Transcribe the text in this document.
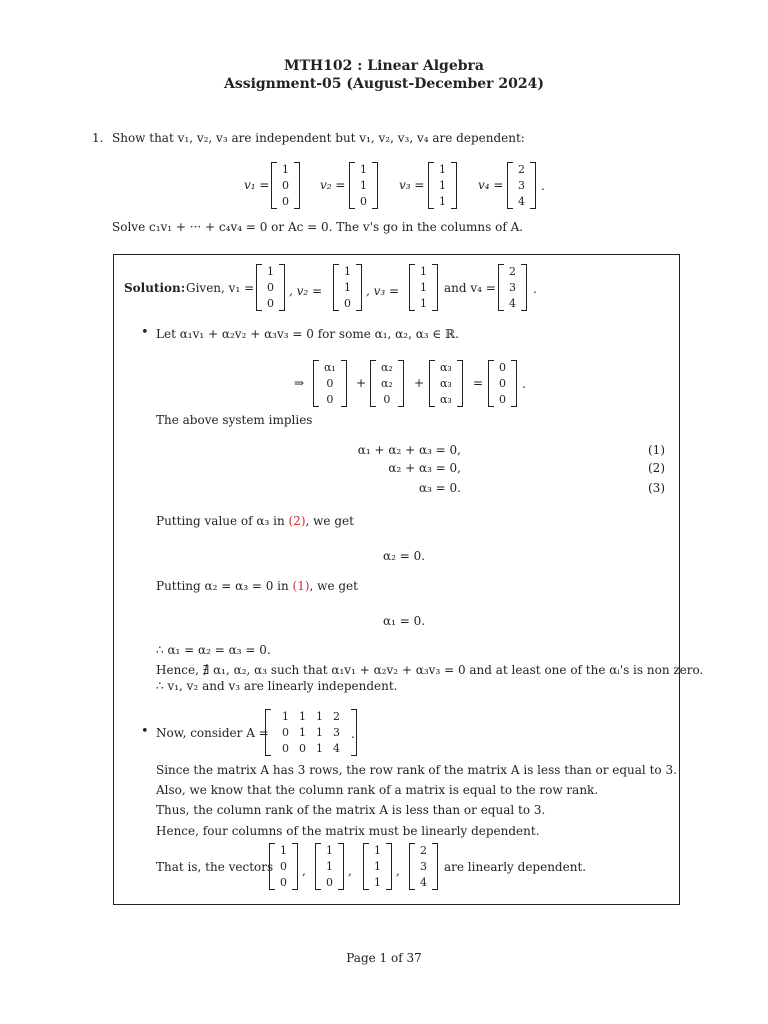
MTH102 : Linear Algebra
Assignment-05 (August-December 2024)
1. Show that v₁, v₂, v₃ are independent but v₁, v₂, v₃, v₄ are dependent:
v₁ =
1
0
0
v₂ =
1
1
0
v₃ =
1
1
1
v₄ =
2
3
4
.
Solve c₁v₁ + ··· + c₄v₄ = 0 or Ac = 0. The v's go in the columns of A.
Solution: Given, v₁ =
1
0
0
, v₂ =
1
1
0
, v₃ =
1
1
1
and v₄ =
2
3
4
.
• Let α₁v₁ + α₂v₂ + α₃v₃ = 0 for some α₁, α₂, α₃ ∈ ℝ.
⇒
α₁
0
0
+
α₂
α₂
0
+
α₃
α₃
α₃
=
0
0
0
.
The above system implies
α₁ + α₂ + α₃ = 0,	(1)
α₂ + α₃ = 0,	(2)
α₃ = 0.	(3)
Putting value of α₃ in (2), we get
α₂ = 0.
Putting α₂ = α₃ = 0 in (1), we get
α₁ = 0.
∴ α₁ = α₂ = α₃ = 0.
Hence, ∄ α₁, α₂, α₃ such that α₁v₁ + α₂v₂ + α₃v₃ = 0 and at least one of the αᵢ's is non zero.
∴ v₁, v₂ and v₃ are linearly independent.
• Now, consider A =
1 1 1 2
0 1 1 3
0 0 1 4
.
Since the matrix A has 3 rows, the row rank of the matrix A is less than or equal to 3.
Also, we know that the column rank of a matrix is equal to the row rank.
Thus, the column rank of the matrix A is less than or equal to 3.
Hence, four columns of the matrix must be linearly dependent.
That is, the vectors
1
0
0
,
1
1
0
,
1
1
1
,
2
3
4
are linearly dependent.
Page 1 of 37
